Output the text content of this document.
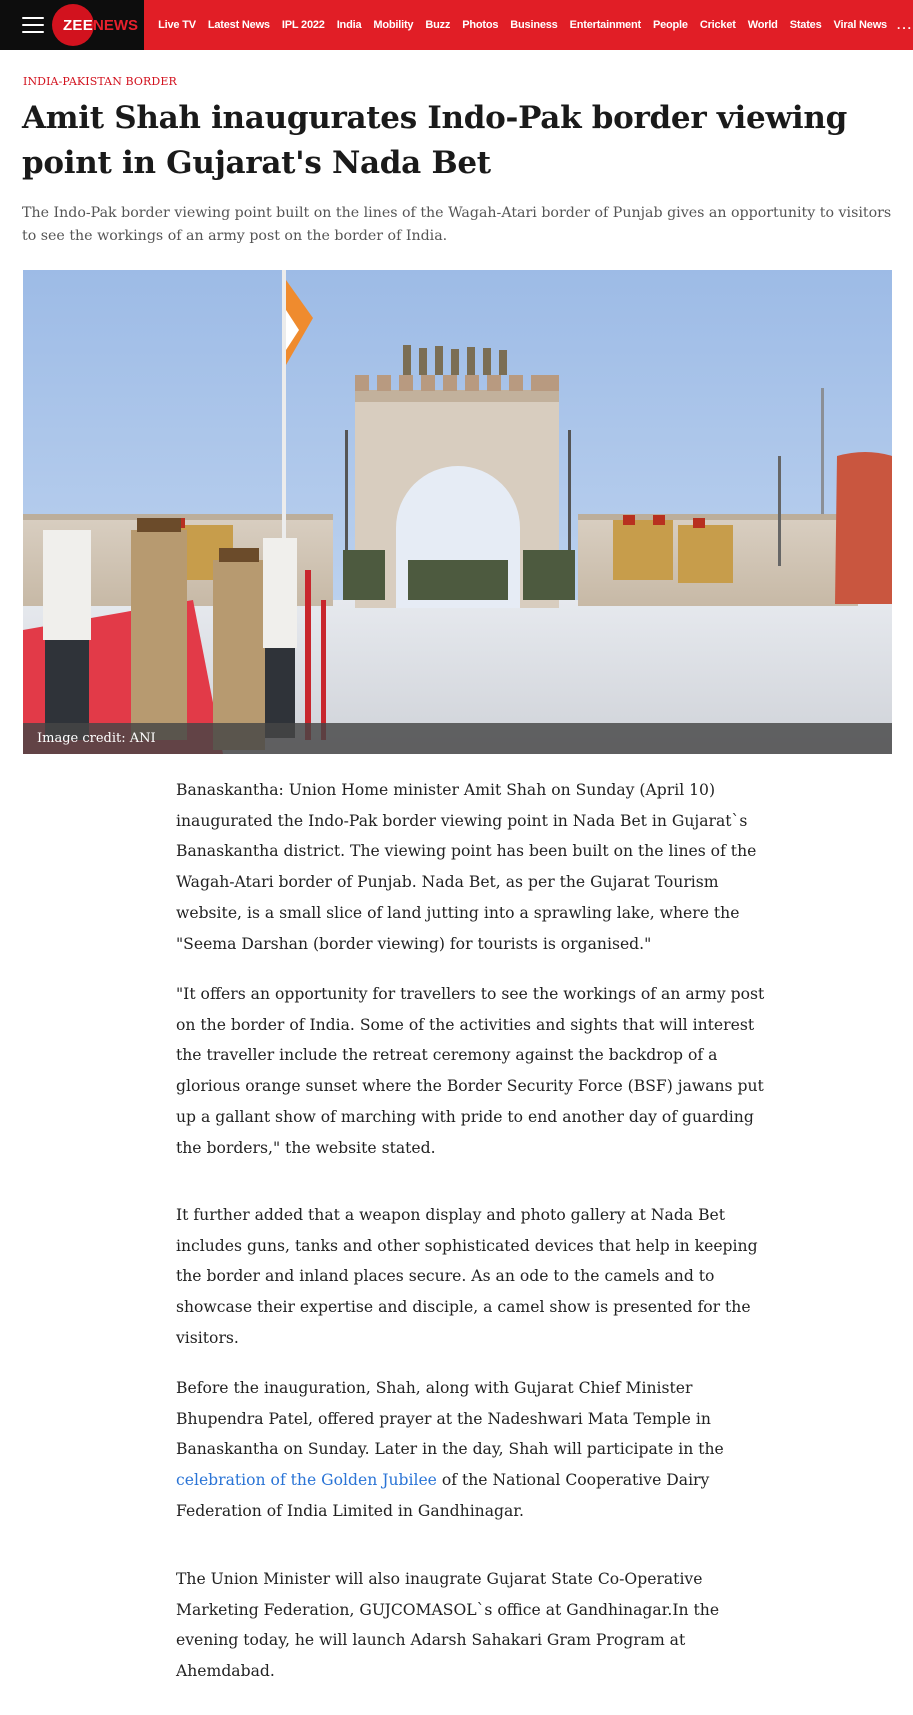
ZEE NEWS Live TV Latest News IPL 2022 India Mobility Buzz Photos Business Entertainment People Cricket World States Viral News ...
INDIA-PAKISTAN BORDER
Amit Shah inaugurates Indo-Pak border viewing point in Gujarat's Nada Bet

The Indo-Pak border viewing point built on the lines of the Wagah-Atari border of Punjab gives an opportunity to visitors to see the workings of an army post on the border of India.

Image credit: ANI

Banaskantha: Union Home minister Amit Shah on Sunday (April 10) inaugurated the Indo-Pak border viewing point in Nada Bet in Gujarat`s Banaskantha district. The viewing point has been built on the lines of the Wagah-Atari border of Punjab. Nada Bet, as per the Gujarat Tourism website, is a small slice of land jutting into a sprawling lake, where the "Seema Darshan (border viewing) for tourists is organised."

"It offers an opportunity for travellers to see the workings of an army post on the border of India. Some of the activities and sights that will interest the traveller include the retreat ceremony against the backdrop of a glorious orange sunset where the Border Security Force (BSF) jawans put up a gallant show of marching with pride to end another day of guarding the borders," the website stated.

It further added that a weapon display and photo gallery at Nada Bet includes guns, tanks and other sophisticated devices that help in keeping the border and inland places secure. As an ode to the camels and to showcase their expertise and disciple, a camel show is presented for the visitors.

Before the inauguration, Shah, along with Gujarat Chief Minister Bhupendra Patel, offered prayer at the Nadeshwari Mata Temple in Banaskantha on Sunday. Later in the day, Shah will participate in the celebration of the Golden Jubilee of the National Cooperative Dairy Federation of India Limited in Gandhinagar.

The Union Minister will also inaugrate Gujarat State Co-Operative Marketing Federation, GUJCOMASOL`s office at Gandhinagar.In the evening today, he will launch Adarsh Sahakari Gram Program at Ahemdabad.
